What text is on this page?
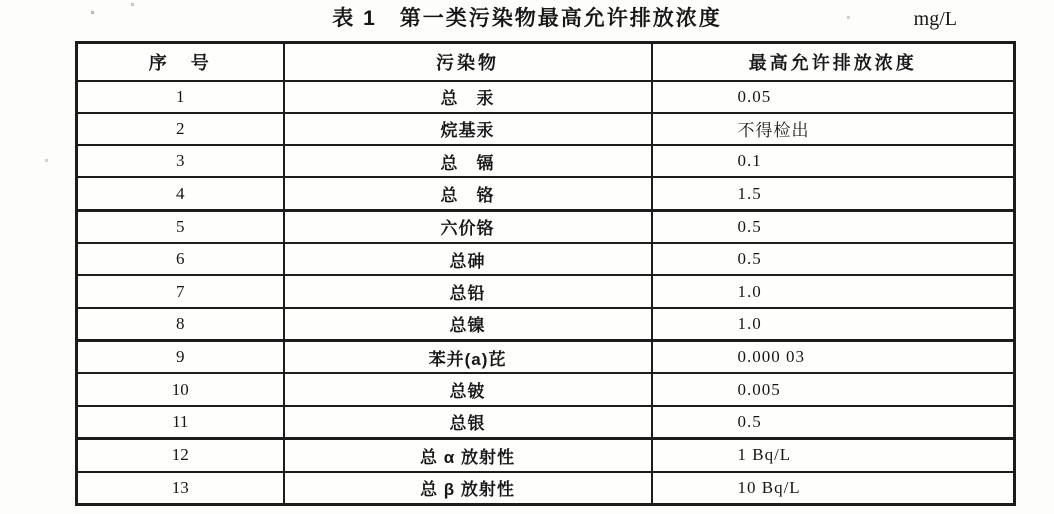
表 1　第一类污染物最高允许排放浓度	mg/L
序　号	污染物	最高允许排放浓度
1	总　汞	0.05
2	烷基汞	不得检出
3	总　镉	0.1
4	总　铬	1.5
5	六价铬	0.5
6	总砷	0.5
7	总铅	1.0
8	总镍	1.0
9	苯并(a)芘	0.000 03
10	总铍	0.005
11	总银	0.5
12	总 α 放射性	1 Bq/L
13	总 β 放射性	10 Bq/L
